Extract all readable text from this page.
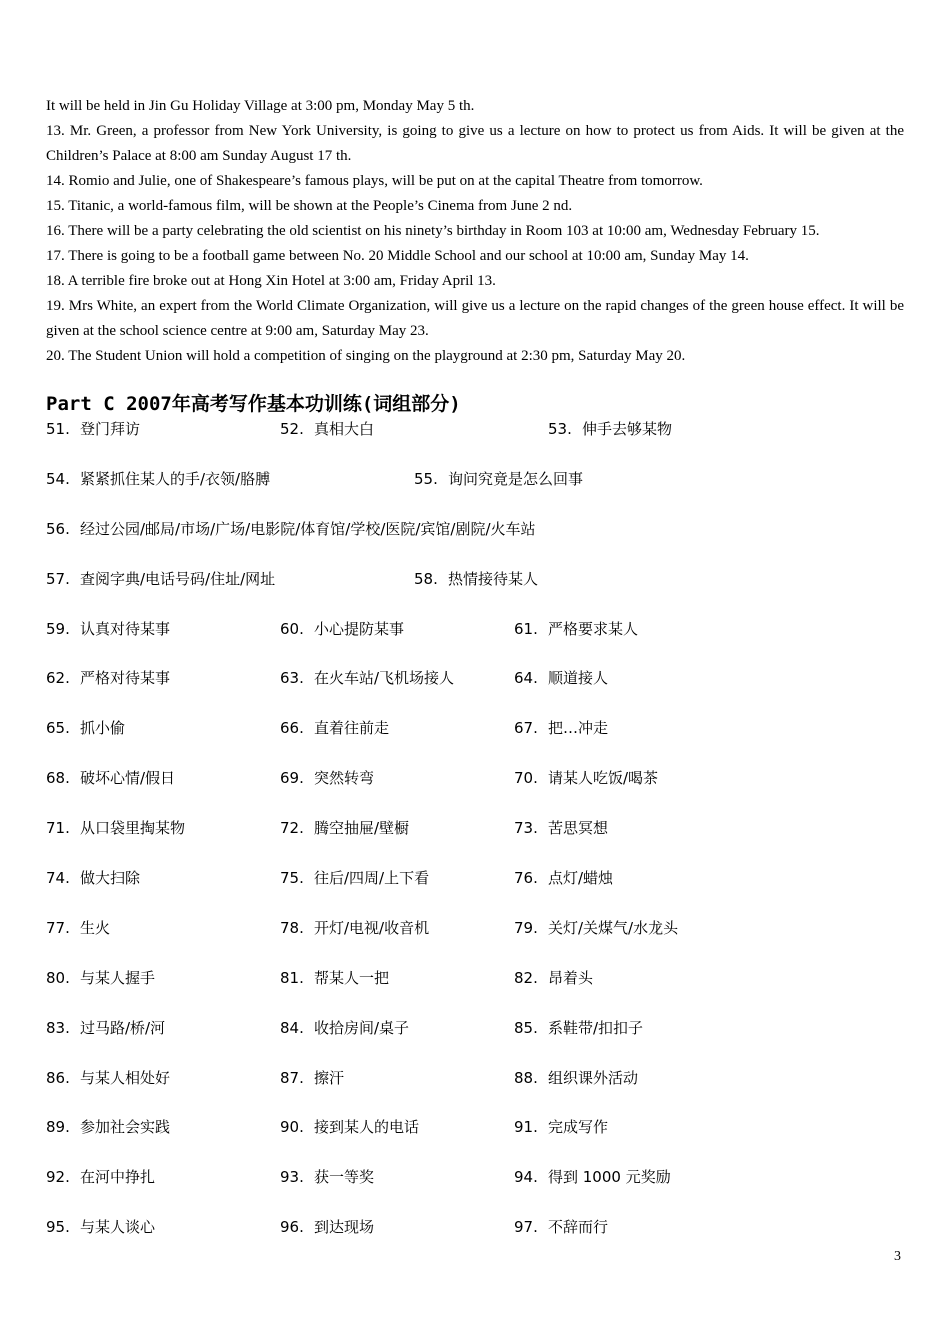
It will be held in Jin Gu Holiday Village at 3:00 pm, Monday May 5 th.

13. Mr. Green, a professor from New York University, is going to give us a lecture on how to protect us from Aids. It will be given at the Children’s Palace at 8:00 am Sunday August 17 th.

14. Romio and Julie, one of Shakespeare’s famous plays, will be put on at the capital Theatre from tomorrow.

15. Titanic, a world-famous film, will be shown at the People’s Cinema from June 2 nd.

16. There will be a party celebrating the old scientist on his ninety’s birthday in Room 103 at 10:00 am, Wednesday February 15.

17. There is going to be a football game between No. 20 Middle School and our school at 10:00 am, Sunday May 14.

18. A terrible fire broke out at Hong Xin Hotel at 3:00 am, Friday April 13.

19. Mrs White, an expert from the World Climate Organization, will give us a lecture on the rapid changes of the green house effect. It will be given at the school science centre at 9:00 am, Saturday May 23.

20. The Student Union will hold a competition of singing on the playground at 2:30 pm, Saturday May 20.

Part C 2007年高考写作基本功训练(词组部分)
51. 登门拜访	52. 真相大白	53. 伸手去够某物
54. 紧紧抓住某人的手/衣领/胳膊	55. 询问究竟是怎么回事
56. 经过公园/邮局/市场/广场/电影院/体育馆/学校/医院/宾馆/剧院/火车站
57. 查阅字典/电话号码/住址/网址	58. 热情接待某人
59. 认真对待某事	60. 小心提防某事	61. 严格要求某人
62. 严格对待某事	63. 在火车站/飞机场接人	64. 顺道接人
65. 抓小偷	66. 直着往前走	67. 把…冲走
68. 破坏心情/假日	69. 突然转弯	70. 请某人吃饭/喝茶
71. 从口袋里掏某物	72. 腾空抽屉/壁橱	73. 苦思冥想
74. 做大扫除	75. 往后/四周/上下看	76. 点灯/蜡烛
77. 生火	78. 开灯/电视/收音机	79. 关灯/关煤气/水龙头
80. 与某人握手	81. 帮某人一把	82. 昂着头
83. 过马路/桥/河	84. 收拾房间/桌子	85. 系鞋带/扣扣子
86. 与某人相处好	87. 擦汗	88. 组织课外活动
89. 参加社会实践	90. 接到某人的电话	91. 完成写作
92. 在河中挣扎	93. 获一等奖	94. 得到 1000 元奖励
95. 与某人谈心	96. 到达现场	97. 不辞而行
3
